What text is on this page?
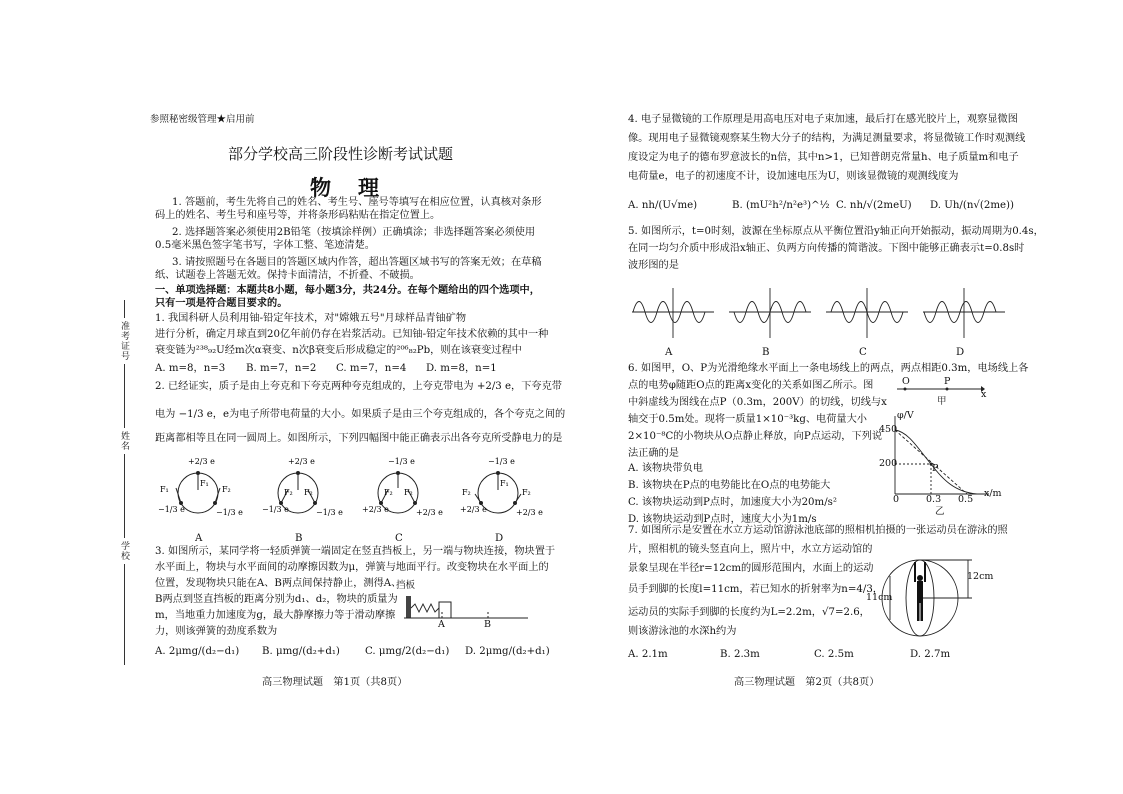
准考证号
姓名
学校
参照秘密级管理★启用前
部分学校高三阶段性诊断考试试题
物　理
1. 答题前，考生先将自己的姓名、考生号、座号等填写在相应位置，认真核对条形
码上的姓名、考生号和座号等，并将条形码粘贴在指定位置上。
2. 选择题答案必须使用2B铅笔（按填涂样例）正确填涂；非选择题答案必须使用
0.5毫米黑色签字笔书写，字体工整、笔迹清楚。
3. 请按照题号在各题目的答题区域内作答，超出答题区域书写的答案无效；在草稿
纸、试题卷上答题无效。保持卡面清洁，不折叠、不破损。
一、单项选择题：本题共8小题，每小题3分，共24分。在每个题给出的四个选项中，
只有一项是符合题目要求的。
1. 我国科研人员利用铀-铅定年技术，对"嫦娥五号"月球样品青铀矿物
进行分析，确定月球直到20亿年前仍存在岩浆活动。已知铀-铅定年技术依赖的其中一种
衰变链为²³⁸₉₂U经m次α衰变、n次β衰变后形成稳定的²⁰⁶₈₂Pb，则在该衰变过程中
A. m=8，n=3 B. m=7，n=2 C. m=7，n=4 D. m=8，n=1
2. 已经证实，质子是由上夸克和下夸克两种夸克组成的，上夸克带电为 +2/3 e，下夸克带
电为 −1/3 e，e为电子所带电荷量的大小。如果质子是由三个夸克组成的，各个夸克之间的
距离都相等且在同一圆周上。如图所示，下列四幅图中能正确表示出各夸克所受静电力的是
+2/3 e
−1/3 e	−1/3 e
F₁
F₁
F₂
+2/3 e
−1/3 e	−1/3 e
F₂ F₂
−1/3 e
+2/3 e	+2/3 e
F₂ F₂
−1/3 e
+2/3 e	+2/3 e
F₂	F₂
F₁
A	B	C	D
3. 如图所示，某同学将一轻质弹簧一端固定在竖直挡板上，另一端与物块连接，物块置于
水平面上，物块与水平面间的动摩擦因数为μ，弹簧与地面平行。改变物块在水平面上的
位置，发现物块只能在A、B两点间保持静止，测得A、
B两点到竖直挡板的距离分别为d₁、d₂，物块的质量为
m，当地重力加速度为g，最大静摩擦力等于滑动摩擦
力，则该弹簧的劲度系数为
挡板
A	B
A. 2μmg/(d₂−d₁) B. μmg/(d₂+d₁) C. μmg/2(d₂−d₁) D. 2μmg/(d₂+d₁)
高三物理试题　第1页（共8页）
4. 电子显微镜的工作原理是用高电压对电子束加速，最后打在感光胶片上，观察显微图
像。现用电子显微镜观察某生物大分子的结构，为满足测量要求，将显微镜工作时观测线
度设定为电子的德布罗意波长的n倍，其中n>1，已知普朗克常量h、电子质量m和电子
电荷量e，电子的初速度不计，设加速电压为U，则该显微镜的观测线度为
A. nh/(U√me)	B. (mU²h²/n²e³)^½ C. nh/√(2meU) D. Uh/(n√(2me))
5. 如图所示，t=0时刻，波源在坐标原点从平衡位置沿y轴正向开始振动，振动周期为0.4s，
在同一均匀介质中形成沿x轴正、负两方向传播的简谐波。下图中能够正确表示t=0.8s时
波形图的是
A	B	C	D
6. 如图甲，O、P为光滑绝缘水平面上一条电场线上的两点，两点相距0.3m，电场线上各
点的电势φ随距O点的距离x变化的关系如图乙所示。图
中斜虚线为图线在点P（0.3m，200V）的切线，切线与x
轴交于0.5m处。现将一质量1×10⁻³kg、电荷量大小
2×10⁻⁸C的小物块从O点静止释放，向P点运动，下列说
法正确的是
A. 该物块带负电
B. 该物块在P点的电势能比在O点的电势能大
C. 该物块运动到P点时，加速度大小为20m/s²
D. 该物块运动到P点时，速度大小为1m/s
O	P
x
甲
φ/V
450
200
0	0.3 0.5
x/m
P
乙
7. 如图所示是安置在水立方运动馆游泳池底部的照相机拍摄的一张运动员在游泳的照
片，照相机的镜头竖直向上，照片中，水立方运动馆的
景象呈现在半径r=12cm的圆形范围内，水面上的运动
员手到脚的长度l=11cm，若已知水的折射率为n=4/3，
运动员的实际手到脚的长度约为L=2.2m，√7=2.6，
则该游泳池的水深h约为
12cm
11cm
A. 2.1m	B. 2.3m	C. 2.5m	D. 2.7m
高三物理试题　第2页（共8页）
